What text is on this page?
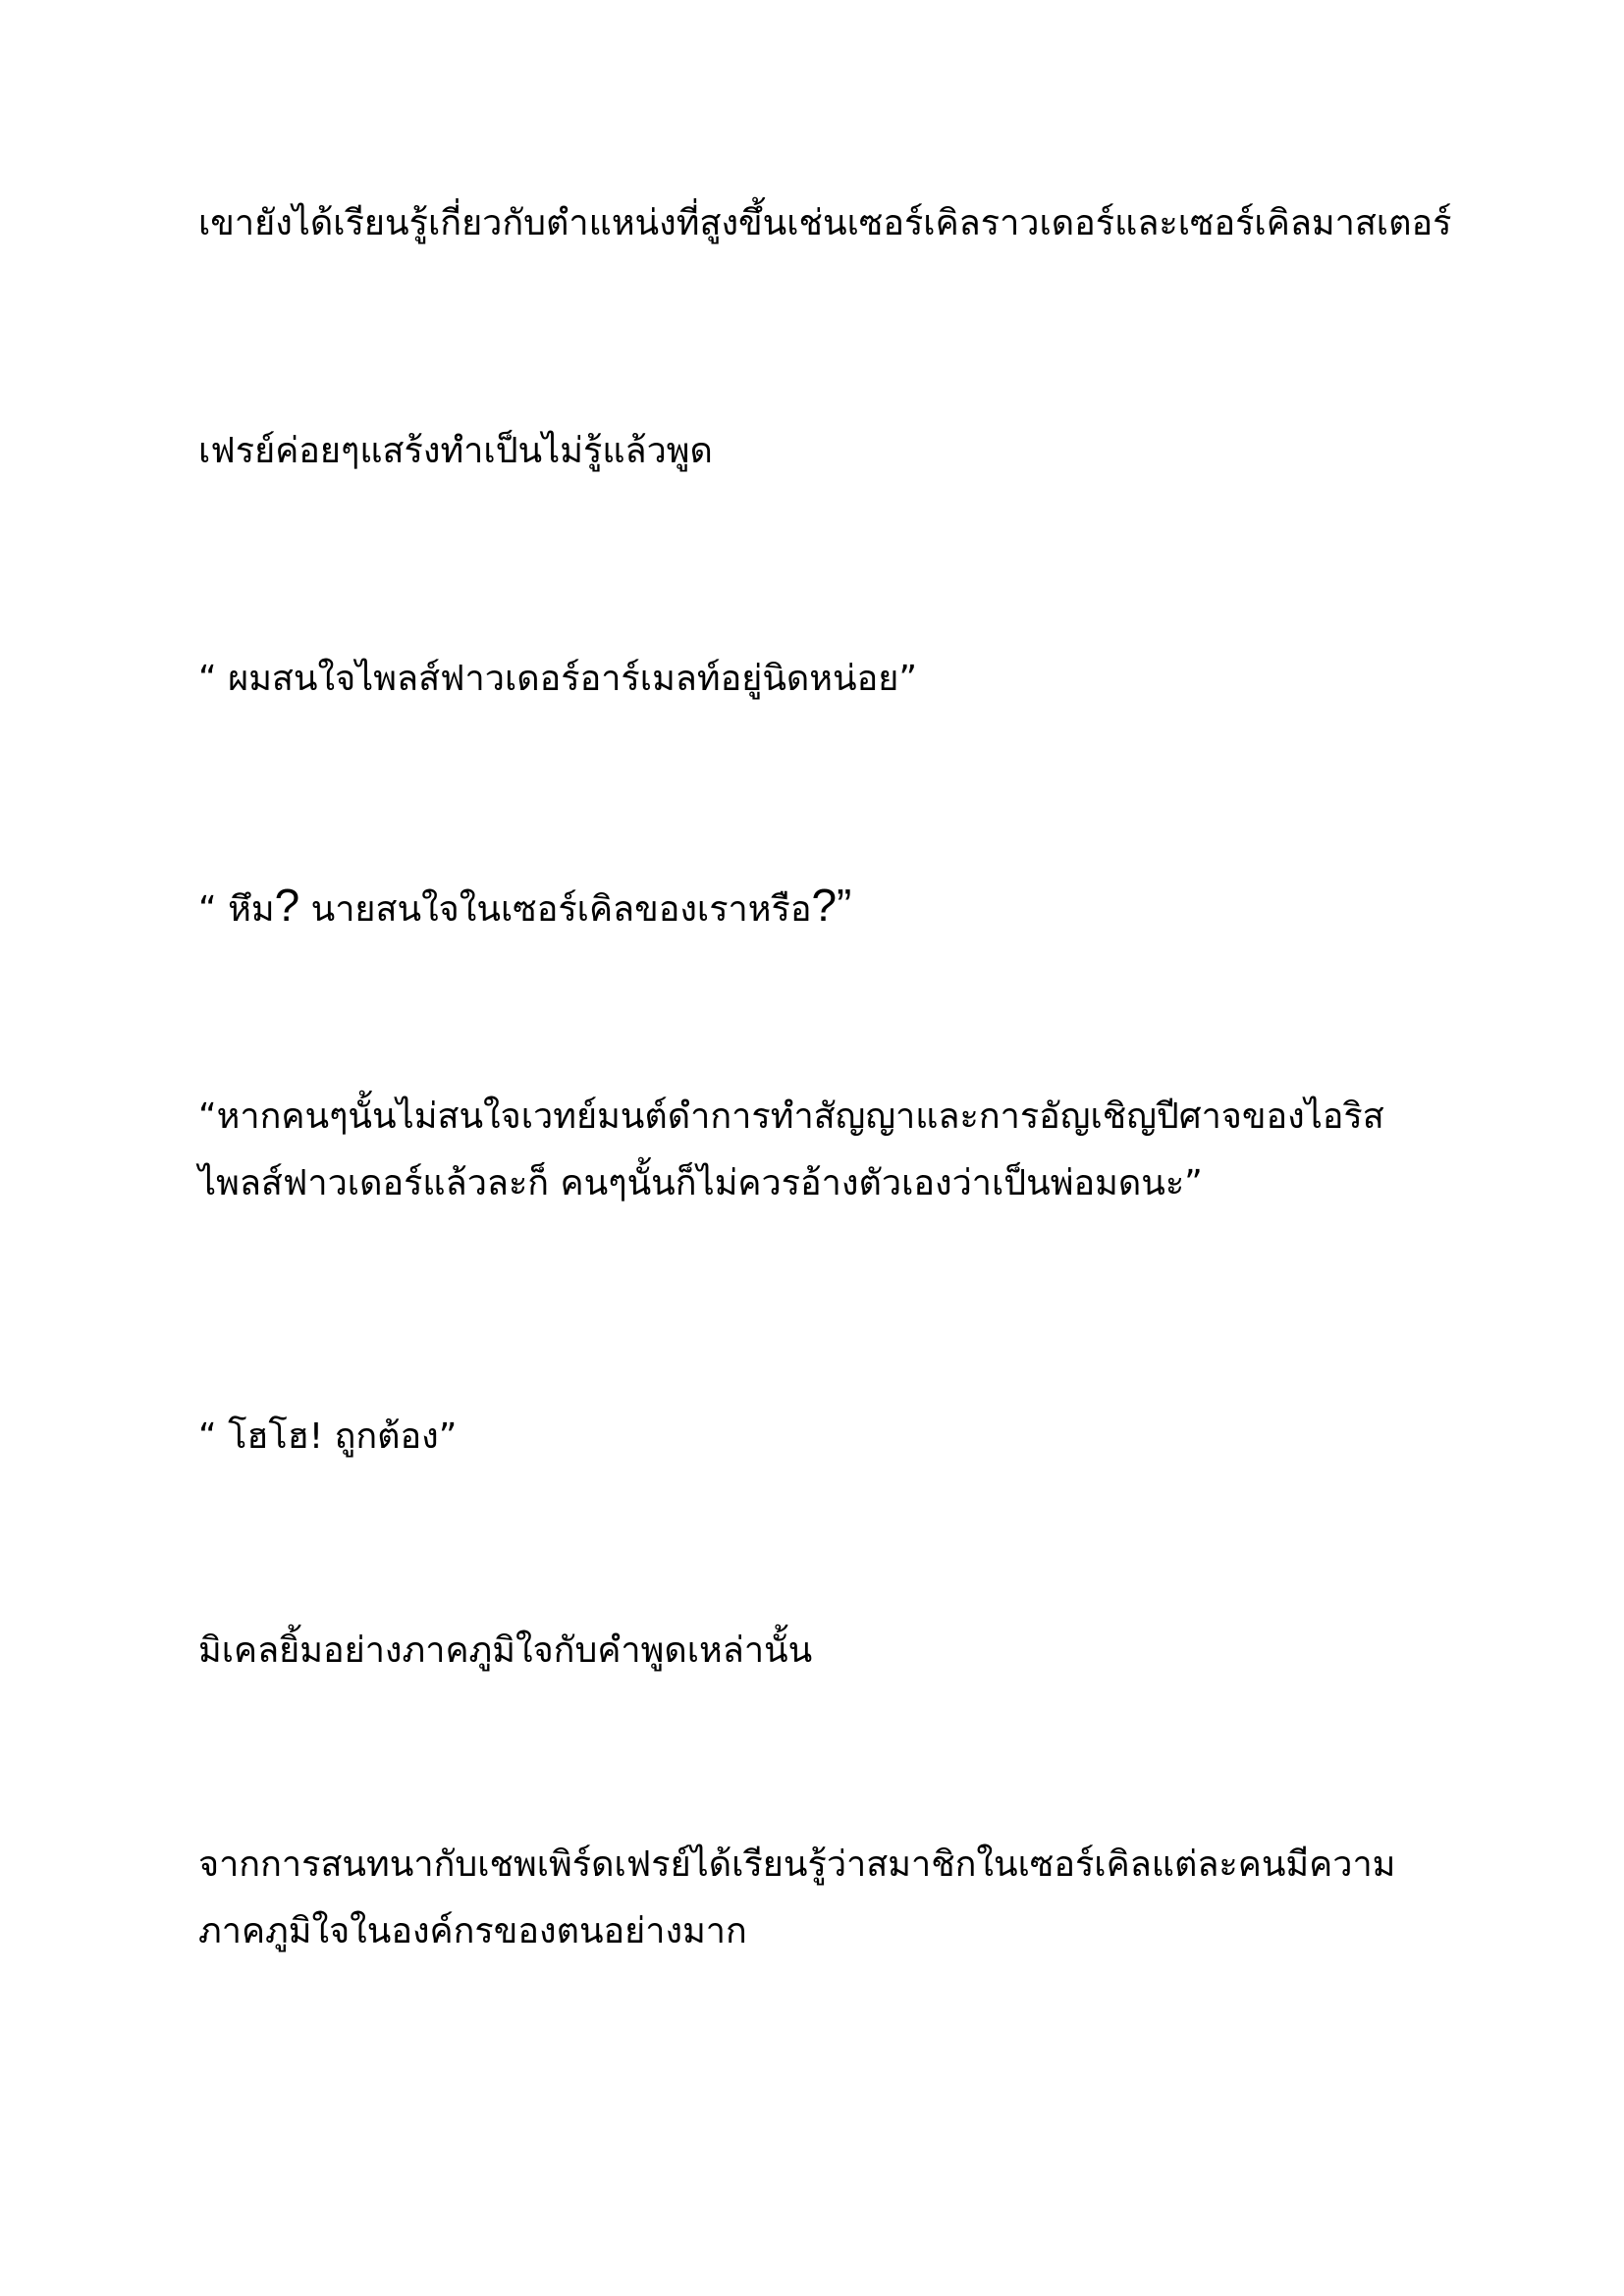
เขายังได้เรียนรู้เกี่ยวกับตำแหน่งที่สูงขึ้นเช่นเซอร์เคิลราวเดอร์และเซอร์เคิลมาสเตอร์

เฟรย์ค่อยๆแสร้งทำเป็นไม่รู้แล้วพูด

“ ผมสนใจไพลส์ฟาวเดอร์อาร์เมลท์อยู่นิดหน่อย”

“ หึม? นายสนใจในเซอร์เคิลของเราหรือ?”

“หากคนๆนั้นไม่สนใจเวทย์มนต์ดำการทำสัญญาและการอัญเชิญปีศาจของไอริส
ไพลส์ฟาวเดอร์แล้วละก็ คนๆนั้นก็ไม่ควรอ้างตัวเองว่าเป็นพ่อมดนะ”

“ โฮโฮ! ถูกต้อง”

มิเคลยิ้มอย่างภาคภูมิใจกับคำพูดเหล่านั้น

จากการสนทนากับเชพเพิร์ดเฟรย์ได้เรียนรู้ว่าสมาชิกในเซอร์เคิลแต่ละคนมีความ
ภาคภูมิใจในองค์กรของตนอย่างมาก
